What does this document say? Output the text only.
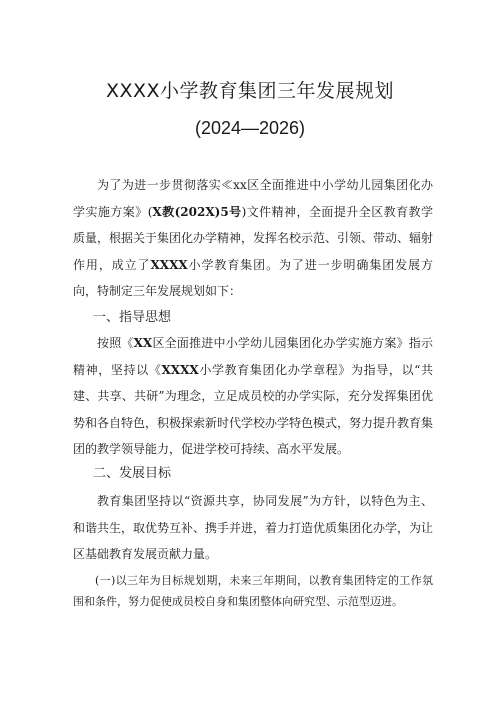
XXXX小学教育集团三年发展规划
(2024—2026)

为了为进一步贯彻落实≪xx区全面推进中小学幼儿园集团化办学实施方案》(X教(202X)5号)文件精神，全面提升全区教育教学质量，根据关于集团化办学精神，发挥名校示范、引领、带动、辐射作用，成立了XXXX小学教育集团。为了进一步明确集团发展方向，特制定三年发展规划如下：

一、指导思想

按照《XX区全面推进中小学幼儿园集团化办学实施方案》指示精神，坚持以《XXXX小学教育集团化办学章程》为指导，以“共建、共享、共研”为理念，立足成员校的办学实际，充分发挥集团优势和各自特色，积极探索新时代学校办学特色模式，努力提升教育集团的教学领导能力，促进学校可持续、高水平发展。

二、发展目标

教育集团坚持以“资源共享，协同发展”为方针，以特色为主、和谐共生，取优势互补、携手并进，着力打造优质集团化办学，为让区基础教育发展贡献力量。

(一)以三年为目标规划期，未来三年期间，以教育集团特定的工作氛围和条件，努力促使成员校自身和集团整体向研究型、示范型迈进。
